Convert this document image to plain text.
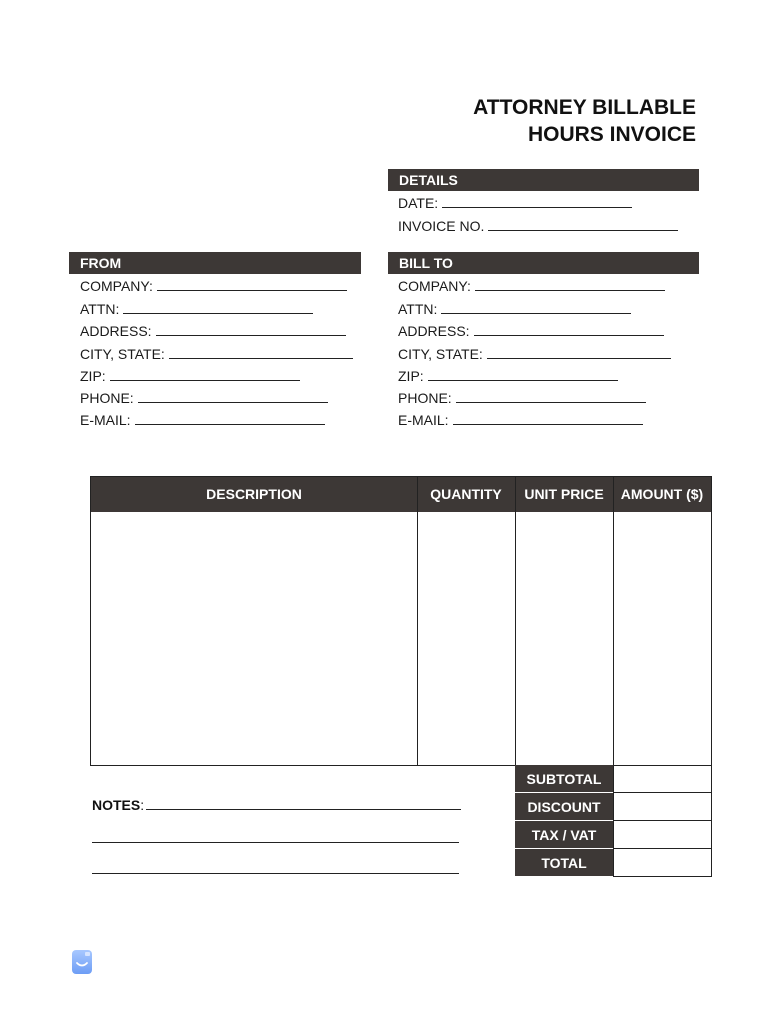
ATTORNEY BILLABLE
HOURS INVOICE
DETAILS
DATE:
INVOICE NO.
FROM
COMPANY:
ATTN:
ADDRESS:
CITY, STATE:
ZIP:
PHONE:
E-MAIL:
BILL TO
COMPANY:
ATTN:
ADDRESS:
CITY, STATE:
ZIP:
PHONE:
E-MAIL:
DESCRIPTION	QUANTITY	UNIT PRICE	AMOUNT ($)
SUBTOTAL
DISCOUNT
TAX / VAT
TOTAL
NOTES:
